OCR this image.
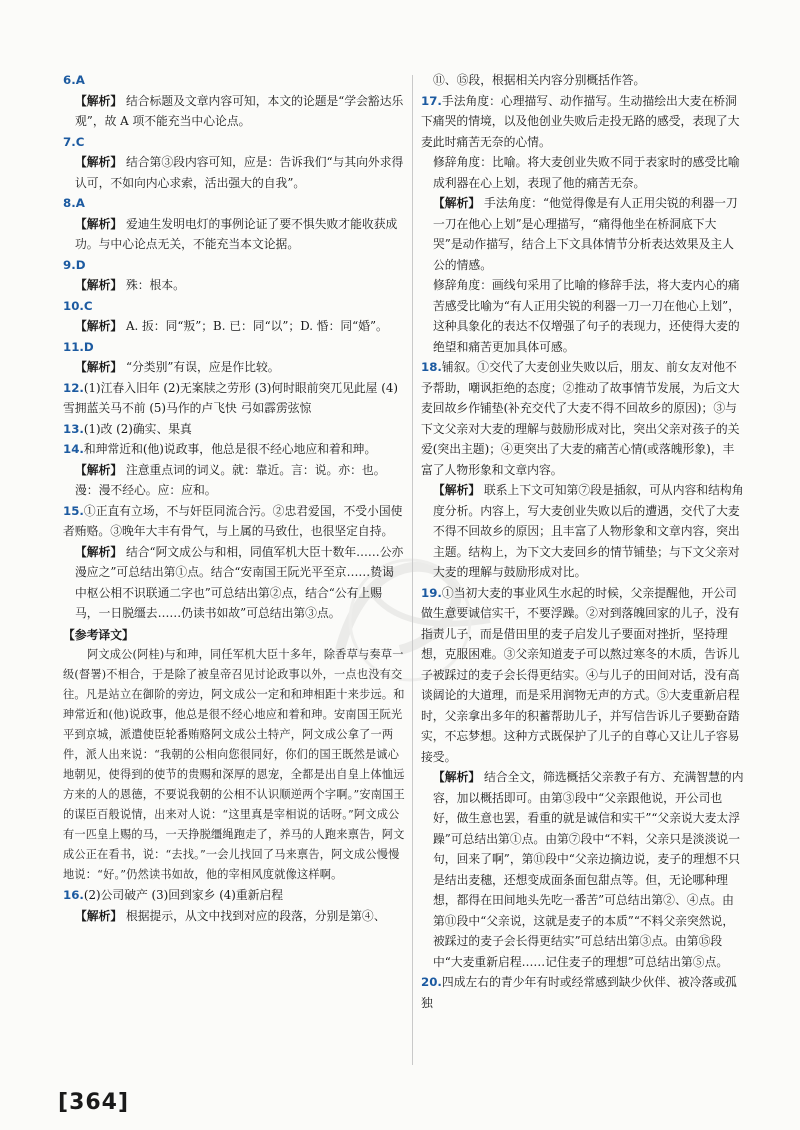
6.A

【解析】 结合标题及文章内容可知，本文的论题是“学会豁达乐观”，故 A 项不能充当中心论点。

7.C

【解析】 结合第③段内容可知，应是：告诉我们“与其向外求得认可，不如向内心求索，活出强大的自我”。

8.A

【解析】 爱迪生发明电灯的事例论证了要不惧失败才能收获成功。与中心论点无关，不能充当本文论据。

9.D

【解析】 殊：根本。

10.C

【解析】 A. 扳：同“叛”；B. 已：同“以”；D. 惛：同“婚”。

11.D

【解析】 “分类别”有误，应是作比较。

12.(1)江春入旧年 (2)无案牍之劳形 (3)何时眼前突兀见此屋 (4)雪拥蓝关马不前 (5)马作的卢飞快 弓如霹雳弦惊

13.(1)改 (2)确实、果真

14.和珅常近和(他)说政事，他总是很不经心地应和着和珅。

【解析】 注意重点词的词义。就：靠近。言：说。亦：也。漫：漫不经心。应：应和。

15.①正直有立场，不与奸臣同流合污。②忠君爱国，不受小国使者贿赂。③晚年大丰有骨气，与上属的马致仕，也很坚定自持。

【解析】 结合“阿文成公与和相，同值军机大臣十数年……公亦漫应之”可总结出第①点。结合“安南国王阮光平至京……贽谒中枢公相不识联通二字也”可总结出第②点，结合“公有上赐马，一日脱缰去……仍读书如故”可总结出第③点。

【参考译文】

阿文成公(阿桂)与和珅，同任军机大臣十多年，除香草与奏草一级(督署)不相合，于是除了被皇帝召见讨论政事以外，一点也没有交往。凡是站立在御阶的旁边，阿文成公一定和和珅相距十来步远。和珅常近和(他)说政事，他总是很不经心地应和着和珅。安南国王阮光平到京城，派遣使臣轮番贿赂阿文成公土特产，阿文成公拿了一两件，派人出来说：“我朝的公相向您很同好，你们的国王既然是诚心地朝见，使得到的使节的贵赐和深厚的恩宠，全都是出自皇上体恤远方来的人的恩德，不要说我朝的公相不认识顺逆两个字啊。”安南国王的谋臣百般说情，出来对人说：“这里真是宰相说的话呀。”阿文成公有一匹皇上赐的马，一天挣脱缰绳跑走了，养马的人跑来禀告，阿文成公正在看书，说：“去找。”一会儿找回了马来禀告，阿文成公慢慢地说：“好。”仍然读书如故，他的宰相风度就像这样啊。

16.(2)公司破产 (3)回到家乡 (4)重新启程

【解析】 根据提示，从文中找到对应的段落，分别是第④、

⑪、⑮段，根据相关内容分别概括作答。

17.手法角度：心理描写、动作描写。生动描绘出大麦在桥洞下痛哭的情境，以及他创业失败后走投无路的感受，表现了大麦此时痛苦无奈的心情。

修辞角度：比喻。将大麦创业失败不同于表家时的感受比喻成利器在心上划，表现了他的痛苦无奈。

【解析】 手法角度：“他觉得像是有人正用尖锐的利器一刀一刀在他心上划”是心理描写，“痛得他坐在桥洞底下大哭”是动作描写，结合上下文具体情节分析表达效果及主人公的情感。

修辞角度：画线句采用了比喻的修辞手法，将大麦内心的痛苦感受比喻为“有人正用尖锐的利器一刀一刀在他心上划”，这种具象化的表达不仅增强了句子的表现力，还使得大麦的绝望和痛苦更加具体可感。

18.铺叙。①交代了大麦创业失败以后，朋友、前女友对他不予帮助，嘲讽拒绝的态度；②推动了故事情节发展，为后文大麦回故乡作铺垫(补充交代了大麦不得不回故乡的原因)；③与下文父亲对大麦的理解与鼓励形成对比，突出父亲对孩子的关爱(突出主题)；④更突出了大麦的痛苦心情(或落魄形象)，丰富了人物形象和文章内容。

【解析】 联系上下文可知第⑦段是插叙，可从内容和结构角度分析。内容上，写大麦创业失败以后的遭遇，交代了大麦不得不回故乡的原因；且丰富了人物形象和文章内容，突出主题。结构上，为下文大麦回乡的情节铺垫；与下文父亲对大麦的理解与鼓励形成对比。

19.①当初大麦的事业风生水起的时候，父亲提醒他，开公司做生意要诚信实干，不要浮躁。②对到落魄回家的儿子，没有指责儿子，而是借田里的麦子启发儿子要面对挫折，坚持理想，克服困难。③父亲知道麦子可以熬过寒冬的木质，告诉儿子被踩过的麦子会长得更结实。④与儿子的田间对话，没有高谈阔论的大道理，而是采用润物无声的方式。⑤大麦重新启程时，父亲拿出多年的积蓄帮助儿子，并写信告诉儿子要勤奋踏实，不忘梦想。这种方式既保护了儿子的自尊心又让儿子容易接受。

【解析】 结合全文，筛选概括父亲教子有方、充满智慧的内容，加以概括即可。由第③段中“父亲跟他说，开公司也好，做生意也罢，看重的就是诚信和实干”“父亲说大麦太浮躁”可总结出第①点。由第⑦段中“不料，父亲只是淡淡说一句，回来了啊”，第⑪段中“父亲边摘边说，麦子的理想不只是结出麦穗，还想变成面条面包甜点等。但，无论哪种理想，都得在田间地头先吃一番苦”可总结出第②、④点。由第⑪段中“父亲说，这就是麦子的本质”“不料父亲突然说，被踩过的麦子会长得更结实”可总结出第③点。由第⑮段中“大麦重新启程……记住麦子的理想”可总结出第⑤点。

20.四成左右的青少年有时或经常感到缺少伙伴、被冷落或孤独

[364]
